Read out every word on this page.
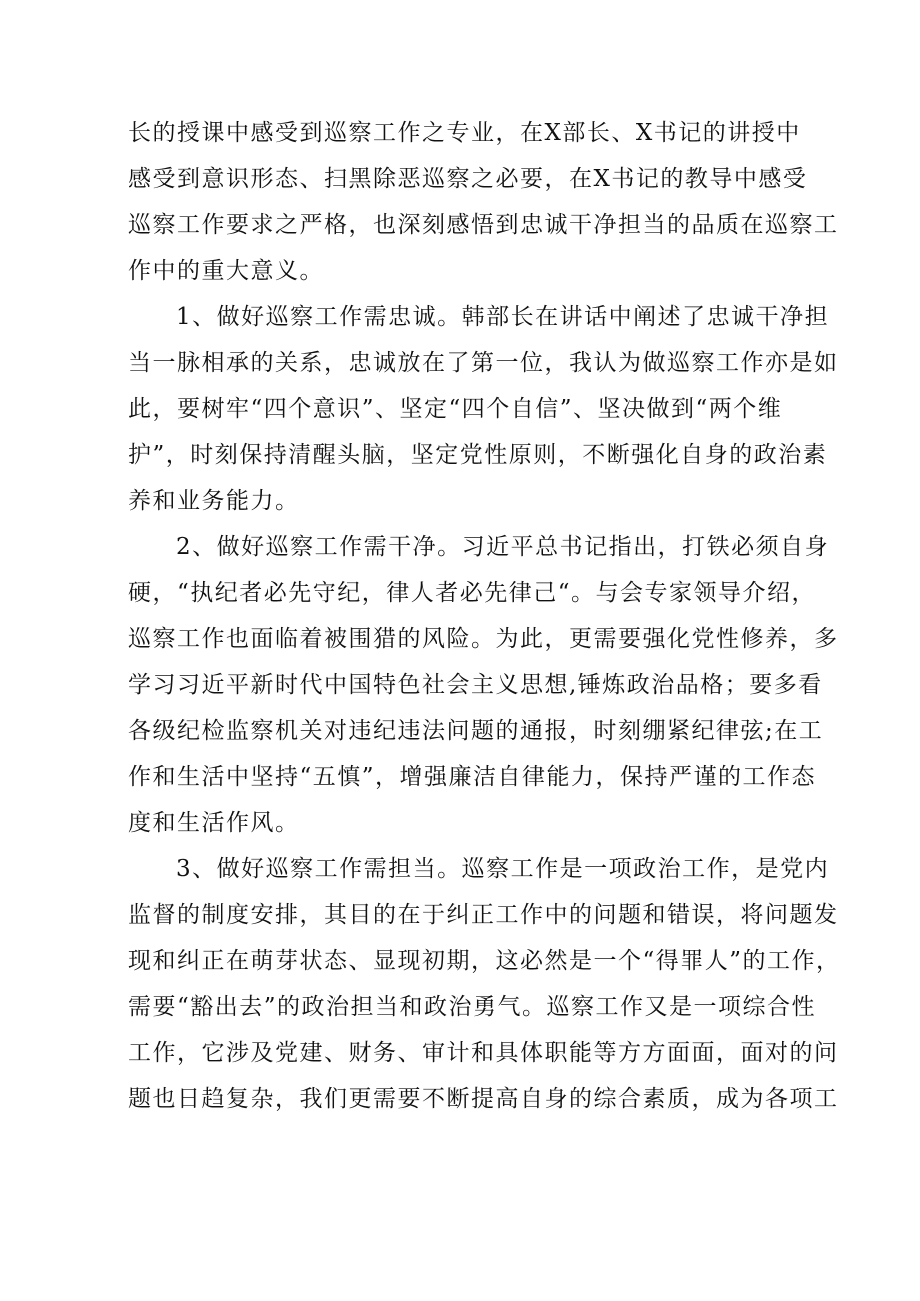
长的授课中感受到巡察工作之专业，在X部长、X书记的讲授中
感受到意识形态、扫黑除恶巡察之必要，在X书记的教导中感受
巡察工作要求之严格，也深刻感悟到忠诚干净担当的品质在巡察工
作中的重大意义。
1、做好巡察工作需忠诚。韩部长在讲话中阐述了忠诚干净担
当一脉相承的关系，忠诚放在了第一位，我认为做巡察工作亦是如
此，要树牢“四个意识”、坚定“四个自信”、坚决做到“两个维
护”，时刻保持清醒头脑，坚定党性原则，不断强化自身的政治素
养和业务能力。
2、做好巡察工作需干净。习近平总书记指出，打铁必须自身
硬，“执纪者必先守纪，律人者必先律己“。与会专家领导介绍，
巡察工作也面临着被围猎的风险。为此，更需要强化党性修养，多
学习习近平新时代中国特色社会主义思想,锤炼政治品格；要多看
各级纪检监察机关对违纪违法问题的通报，时刻绷紧纪律弦;在工
作和生活中坚持“五慎”，增强廉洁自律能力，保持严谨的工作态
度和生活作风。
3、做好巡察工作需担当。巡察工作是一项政治工作，是党内
监督的制度安排，其目的在于纠正工作中的问题和错误，将问题发
现和纠正在萌芽状态、显现初期，这必然是一个“得罪人”的工作，
需要“豁出去”的政治担当和政治勇气。巡察工作又是一项综合性
工作，它涉及党建、财务、审计和具体职能等方方面面，面对的问
题也日趋复杂，我们更需要不断提高自身的综合素质，成为各项工
